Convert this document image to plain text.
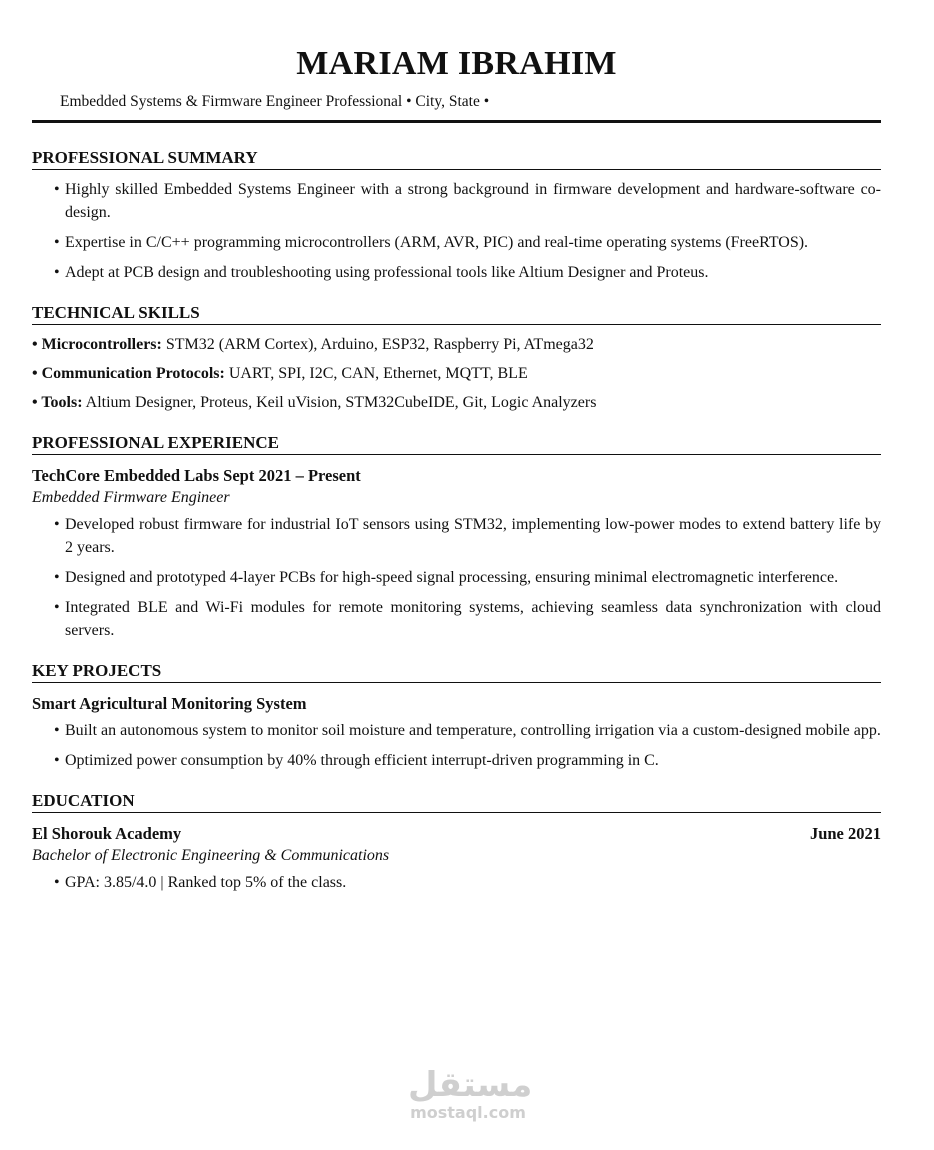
MARIAM IBRAHIM
Embedded Systems & Firmware Engineer Professional • City, State •
PROFESSIONAL SUMMARY
• Highly skilled Embedded Systems Engineer with a strong background in firmware development and hardware-software co-design.
• Expertise in C/C++ programming microcontrollers (ARM, AVR, PIC) and real-time operating systems (FreeRTOS).
• Adept at PCB design and troubleshooting using professional tools like Altium Designer and Proteus.
TECHNICAL SKILLS
• Microcontrollers: STM32 (ARM Cortex), Arduino, ESP32, Raspberry Pi, ATmega32
• Communication Protocols: UART, SPI, I2C, CAN, Ethernet, MQTT, BLE
• Tools: Altium Designer, Proteus, Keil uVision, STM32CubeIDE, Git, Logic Analyzers
PROFESSIONAL EXPERIENCE
TechCore Embedded Labs Sept 2021 – Present
Embedded Firmware Engineer
• Developed robust firmware for industrial IoT sensors using STM32, implementing low-power modes to extend battery life by 2 years.
• Designed and prototyped 4-layer PCBs for high-speed signal processing, ensuring minimal electromagnetic interference.
• Integrated BLE and Wi-Fi modules for remote monitoring systems, achieving seamless data synchronization with cloud servers.
KEY PROJECTS
Smart Agricultural Monitoring System
• Built an autonomous system to monitor soil moisture and temperature, controlling irrigation via a custom-designed mobile app.
• Optimized power consumption by 40% through efficient interrupt-driven programming in C.
EDUCATION
El Shorouk Academy	June 2021
Bachelor of Electronic Engineering & Communications
• GPA: 3.85/4.0 | Ranked top 5% of the class.
مستقل
mostaql.com
